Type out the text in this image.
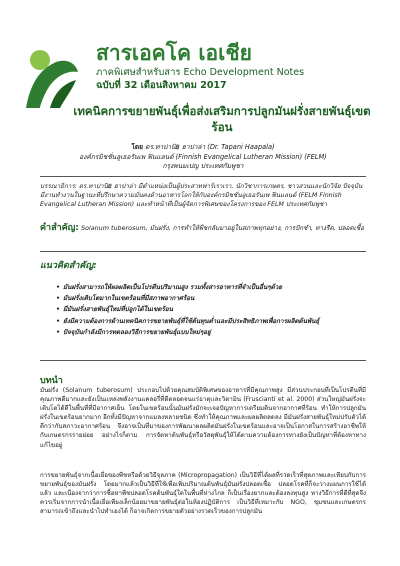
สารเอคโค เอเชีย
ภาคพิเศษสำหรับสาร Echo Development Notes
ฉบับที่ 32 เดือนสิงหาคม 2017
เทคนิคการขยายพันธุ์เพื่อส่งเสริมการปลูกมันฝรั่งสายพันธุ์เขตร้อน
โดย ดร.ทาปานิ฿ ฮาปาล่า (Dr. Tapani Haapala)
องค์กรมิชชั่นลูเธอรันเพ ฟินแลนด์ (Finnish Evangelical Lutheran Mission) (FELM)
กรุงพนมเปญ ประเทศกัมพูชา
บรรณาธิการ: ดร.ทาปานิ฿ ฮาปาล่า มีตำแหน่งเป็นผู้ประสาทฟาร์เราเรา, นักวิชาการเกษตร, ชาวสวนและนักวิจัย ปัจจุบันมีงานทำงานในฐานะที่ปรึกษาความมั่นคงด้านอาหารโลกให้กับองค์กรมิชชั่นลูเธอรันเพ ฟินแลนด์ (FELM Finnish Evangelical Lutheran Mission) และทำหน้าที่เป็นผู้จัดการพิเศษของโครงการของ FELM ประเทศกัมพูชา
คำสำคัญ: Solanum tuberosum, มันฝรั่ง, การทำให้พืชกลับมาอยู่ในสภาพทุกอย่าง, การปักชำ, ทางรีด, ปลอดเชื้อ
แนวคิดสำคัญ:
• มันฝรั่งสามารถให้ผลผลิตเป็นโปรตีนปริมาณสูง รวมทั้งสารอาหารที่จำเป็นอื่นๆด้วย
• มันฝรั่งเติบโตมากในเขตร้อนที่มีสภาพอากาศร้อน
• มีมันฝรั่งสายพันธุ์ใหม่ที่ปลูกได้ในเขตร้อน
• ยังมีความต้องการด้านเทคนิคการขยายพันธุ์ที่ใช้ต้นทุนต่ำและมีประสิทธิภาพเพื่อการผลิตต้นพันธุ์
• ปัจจุบันกำลังมีการทดลองวิธีการขยายพันธุ์แบบใหม่ๆอยู่
บทนำ
มันฝรั่ง (Solanum tuberosum) ประกอบไปด้วยคุณสมบัติพิเศษของอาหารที่มีคุณภาพสูง มีส่วนประกอบที่เป็นโปรตีนที่มีคุณภาพดีมากและยังเป็นแหล่งพลังงานแคลอรี่ที่ดีตลอดจนแร่ธาตุเเละวิตามิน (Fruscianti et al. 2000) ส่วนใหญ่มันฝรั่งจะเติบโตได้ดีในพื้นที่ที่มีอากาศเย็น โดยในเขตร้อนนั้นมันฝรั่งมักจะเจอปัญหาการเตรียมดินจากอากาศที่ร้อน ทำให้การปลูกมันฝรั่งในเขตร้อนยากมาก อีกทั้งมีปัญหาจากแมลงหลายชนิด ซึ่งทำให้คุณภาพและผลผลิตลดลง มีมันฝรั่งสายพันธุ์ใหม่ปรับตัวได้ดีกว่ากับสภาวะอากาศร้อน จึงอาจเป็นที่มาของการพัฒนาผลผลิตมันฝรั่งในเขตร้อนและอาจเป็นโอกาสในการสร้างอาชีพให้กับเกษตรกรรายย่อย อย่างไรก็ตาม การจัดหาต้นพันธุ์หรือวัสดุพันธุ์ให้ได้ตามความต้องการทางยังเป็นปัญหาที่ต้องหาทางแก้ไขอยู่
การขยายพันธุ์จากเนื้อเยื่อของพืชหรือด้วยวิธีจุลภาค (Micropropagation) เป็นวิธีที่ได้ผลที่รวดเร็วที่สุดภาพและเทียบกับการขยายพันธุ์ของมันฝรั่ง โดยมากแล้วเป็นวิธีที่ใช้เพื่อเพิ่มปริมาณต้นพันธุ์มันฝรั่งปลอดเชื้อ ปลอดโรคที่ก็จะวางแผนการใช้ได้แล้ว และเนื่องจากว่าการซื้อหาพืชปลอดโรคต้นพันธุ์ใดในพื้นที่ห่างไกล ก็เป็นเรื่องยากและต้องลงทุนสูง ทางวิธีการที่ดีที่สุดจึงควรเริ่มจากการนำเนื้อเยื่อเพียงเล็กน้อยมาขยายพันธุ์ต่อในห้องปฏิบัติการ เป็นวิธีที่เหมาะกับ NGO, ชุมชนและเกษตรกรสามารถเข้าถึงและนำไปทำเองได้ ก็อาจเกิดการขยายตัวอย่างรวดเร็วของการปลูกมัน
